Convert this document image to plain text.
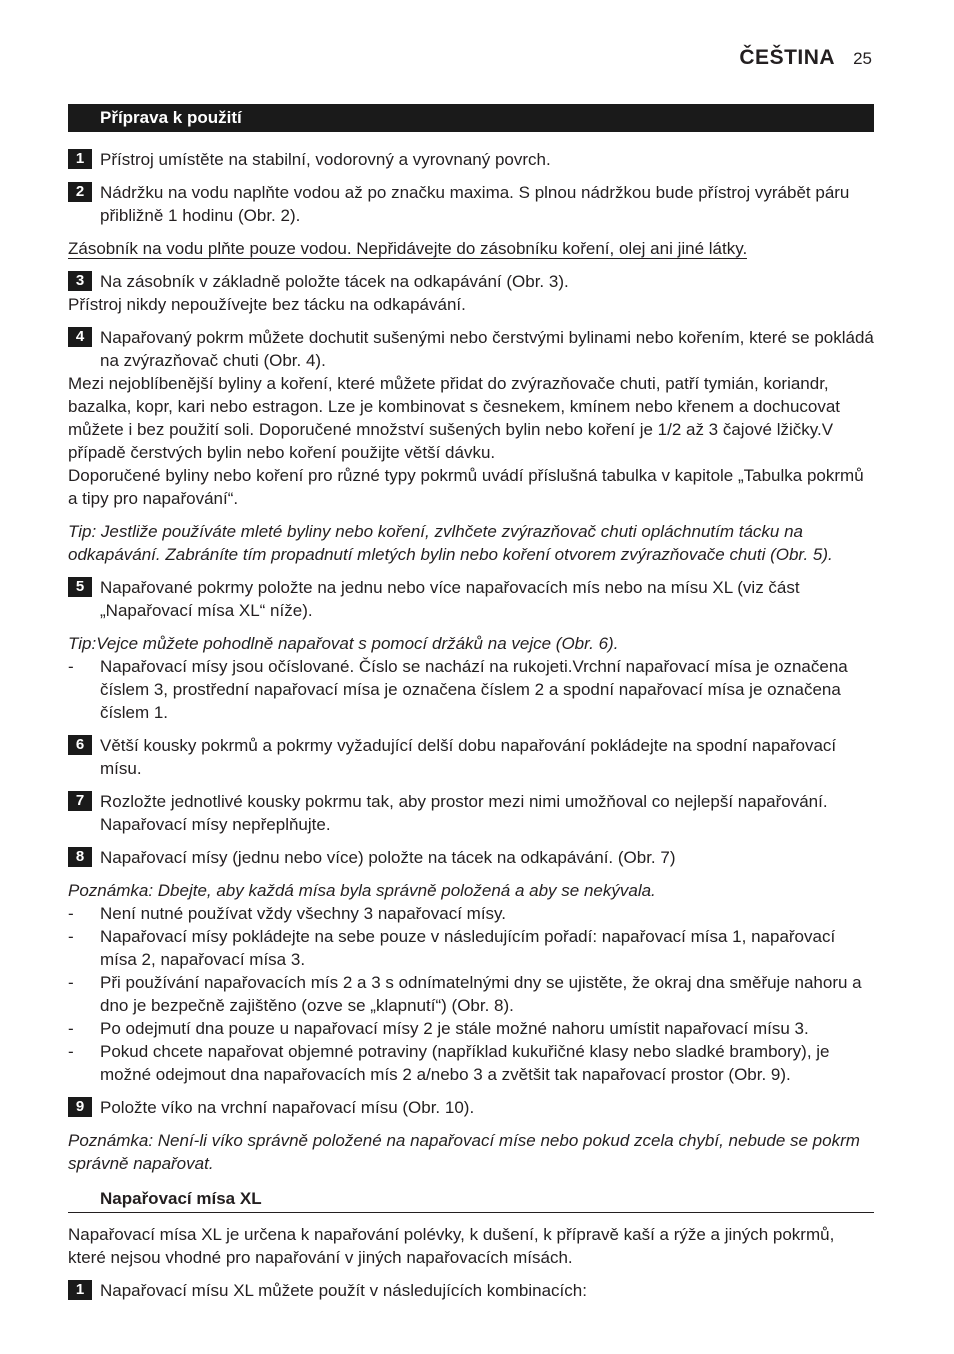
ČEŠTINA 25
Příprava k použití
1 Přístroj umístěte na stabilní, vodorovný a vyrovnaný povrch.
2 Nádržku na vodu naplňte vodou až po značku maxima. S plnou nádržkou bude přístroj vyrábět páru přibližně 1 hodinu (Obr. 2).
Zásobník na vodu plňte pouze vodou. Nepřidávejte do zásobníku koření, olej ani jiné látky.
3 Na zásobník v základně položte tácek na odkapávání (Obr. 3).
Přístroj nikdy nepoužívejte bez tácku na odkapávání.
4 Napařovaný pokrm můžete dochutit sušenými nebo čerstvými bylinami nebo kořením, které se pokládá na zvýrazňovač chuti (Obr. 4).
Mezi nejoblíbenější byliny a koření, které můžete přidat do zvýrazňovače chuti, patří tymián, koriandr, bazalka, kopr, kari nebo estragon. Lze je kombinovat s česnekem, kmínem nebo křenem a dochucovat můžete i bez použití soli. Doporučené množství sušených bylin nebo koření je 1/2 až 3 čajové lžičky.V případě čerstvých bylin nebo koření použijte větší dávku.
Doporučené byliny nebo koření pro různé typy pokrmů uvádí příslušná tabulka v kapitole „Tabulka pokrmů a tipy pro napařování“.
Tip: Jestliže používáte mleté byliny nebo koření, zvlhčete zvýrazňovač chuti opláchnutím tácku na odkapávání. Zabráníte tím propadnutí mletých bylin nebo koření otvorem zvýrazňovače chuti (Obr. 5).
5 Napařované pokrmy položte na jednu nebo více napařovacích mís nebo na mísu XL (viz část „Napařovací mísa XL“ níže).
Tip:Vejce můžete pohodlně napařovat s pomocí držáků na vejce (Obr. 6).
- Napařovací mísy jsou očíslované. Číslo se nachází na rukojeti.Vrchní napařovací mísa je označena číslem 3, prostřední napařovací mísa je označena číslem 2 a spodní napařovací mísa je označena číslem 1.
6 Větší kousky pokrmů a pokrmy vyžadující delší dobu napařování pokládejte na spodní napařovací mísu.
7 Rozložte jednotlivé kousky pokrmu tak, aby prostor mezi nimi umožňoval co nejlepší napařování. Napařovací mísy nepřeplňujte.
8 Napařovací mísy (jednu nebo více) položte na tácek na odkapávání. (Obr. 7)
Poznámka: Dbejte, aby každá mísa byla správně položená a aby se nekývala.
- Není nutné používat vždy všechny 3 napařovací mísy.
- Napařovací mísy pokládejte na sebe pouze v následujícím pořadí: napařovací mísa 1, napařovací mísa 2, napařovací mísa 3.
- Při používání napařovacích mís 2 a 3 s odnímatelnými dny se ujistěte, že okraj dna směřuje nahoru a dno je bezpečně zajištěno (ozve se „klapnutí“) (Obr. 8).
- Po odejmutí dna pouze u napařovací mísy 2 je stále možné nahoru umístit napařovací mísu 3.
- Pokud chcete napařovat objemné potraviny (například kukuřičné klasy nebo sladké brambory), je možné odejmout dna napařovacích mís 2 a/nebo 3 a zvětšit tak napařovací prostor (Obr. 9).
9 Položte víko na vrchní napařovací mísu (Obr. 10).
Poznámka: Není-li víko správně položené na napařovací míse nebo pokud zcela chybí, nebude se pokrm správně napařovat.
Napařovací mísa XL
Napařovací mísa XL je určena k napařování polévky, k dušení, k přípravě kaší a rýže a jiných pokrmů, které nejsou vhodné pro napařování v jiných napařovacích mísách.
1 Napařovací mísu XL můžete použít v následujících kombinacích:
